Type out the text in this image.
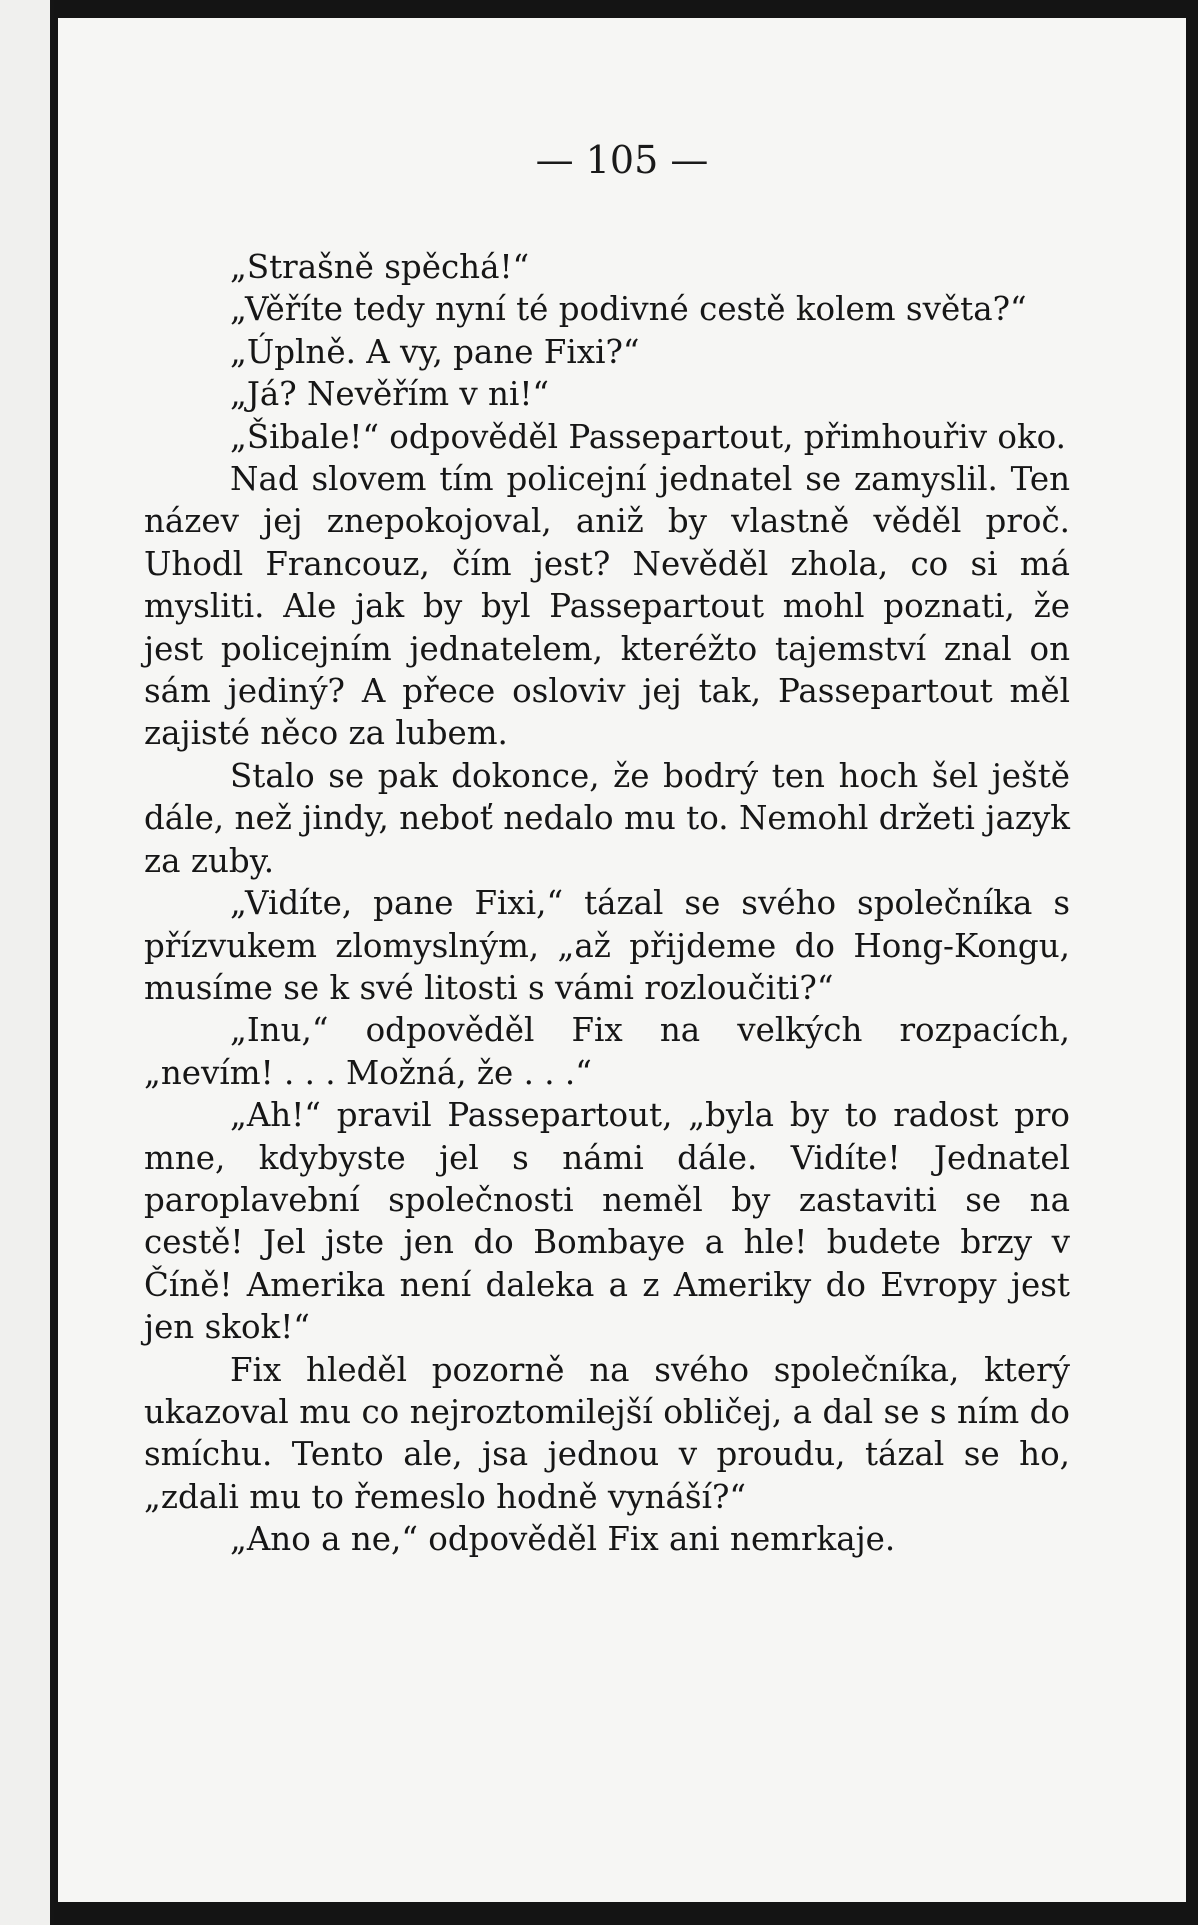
— 105 —

„Strašně spěchá!“

„Věříte tedy nyní té podivné cestě kolem světa?“

„Úplně. A vy, pane Fixi?“

„Já? Nevěřím v ni!“

„Šibale!“ odpověděl Passepartout, přimhouřiv oko.

Nad slovem tím policejní jednatel se zamyslil. Ten název jej znepokojoval, aniž by vlastně věděl proč. Uhodl Francouz, čím jest? Nevěděl zhola, co si má mysliti. Ale jak by byl Passepartout mohl poznati, že jest policejním jednatelem, kteréžto tajemství znal on sám jediný? A přece osloviv jej tak, Passepartout měl zajisté něco za lubem.

Stalo se pak dokonce, že bodrý ten hoch šel ještě dále, než jindy, neboť nedalo mu to. Nemohl držeti jazyk za zuby.

„Vidíte, pane Fixi,“ tázal se svého společníka s přízvukem zlomyslným, „až přijdeme do Hong-Kongu, musíme se k své litosti s vámi rozloučiti?“

„Inu,“ odpověděl Fix na velkých rozpacích, „nevím! . . . Možná, že . . .“

„Ah!“ pravil Passepartout, „byla by to radost pro mne, kdybyste jel s námi dále. Vidíte! Jednatel paroplavební společnosti neměl by zastaviti se na cestě! Jel jste jen do Bombaye a hle! budete brzy v Číně! Amerika není daleka a z Ameriky do Evropy jest jen skok!“

Fix hleděl pozorně na svého společníka, který ukazoval mu co nejroztomilejší obličej, a dal se s ním do smíchu. Tento ale, jsa jednou v proudu, tázal se ho, „zdali mu to řemeslo hodně vynáší?“

„Ano a ne,“ odpověděl Fix ani nemrkaje.
